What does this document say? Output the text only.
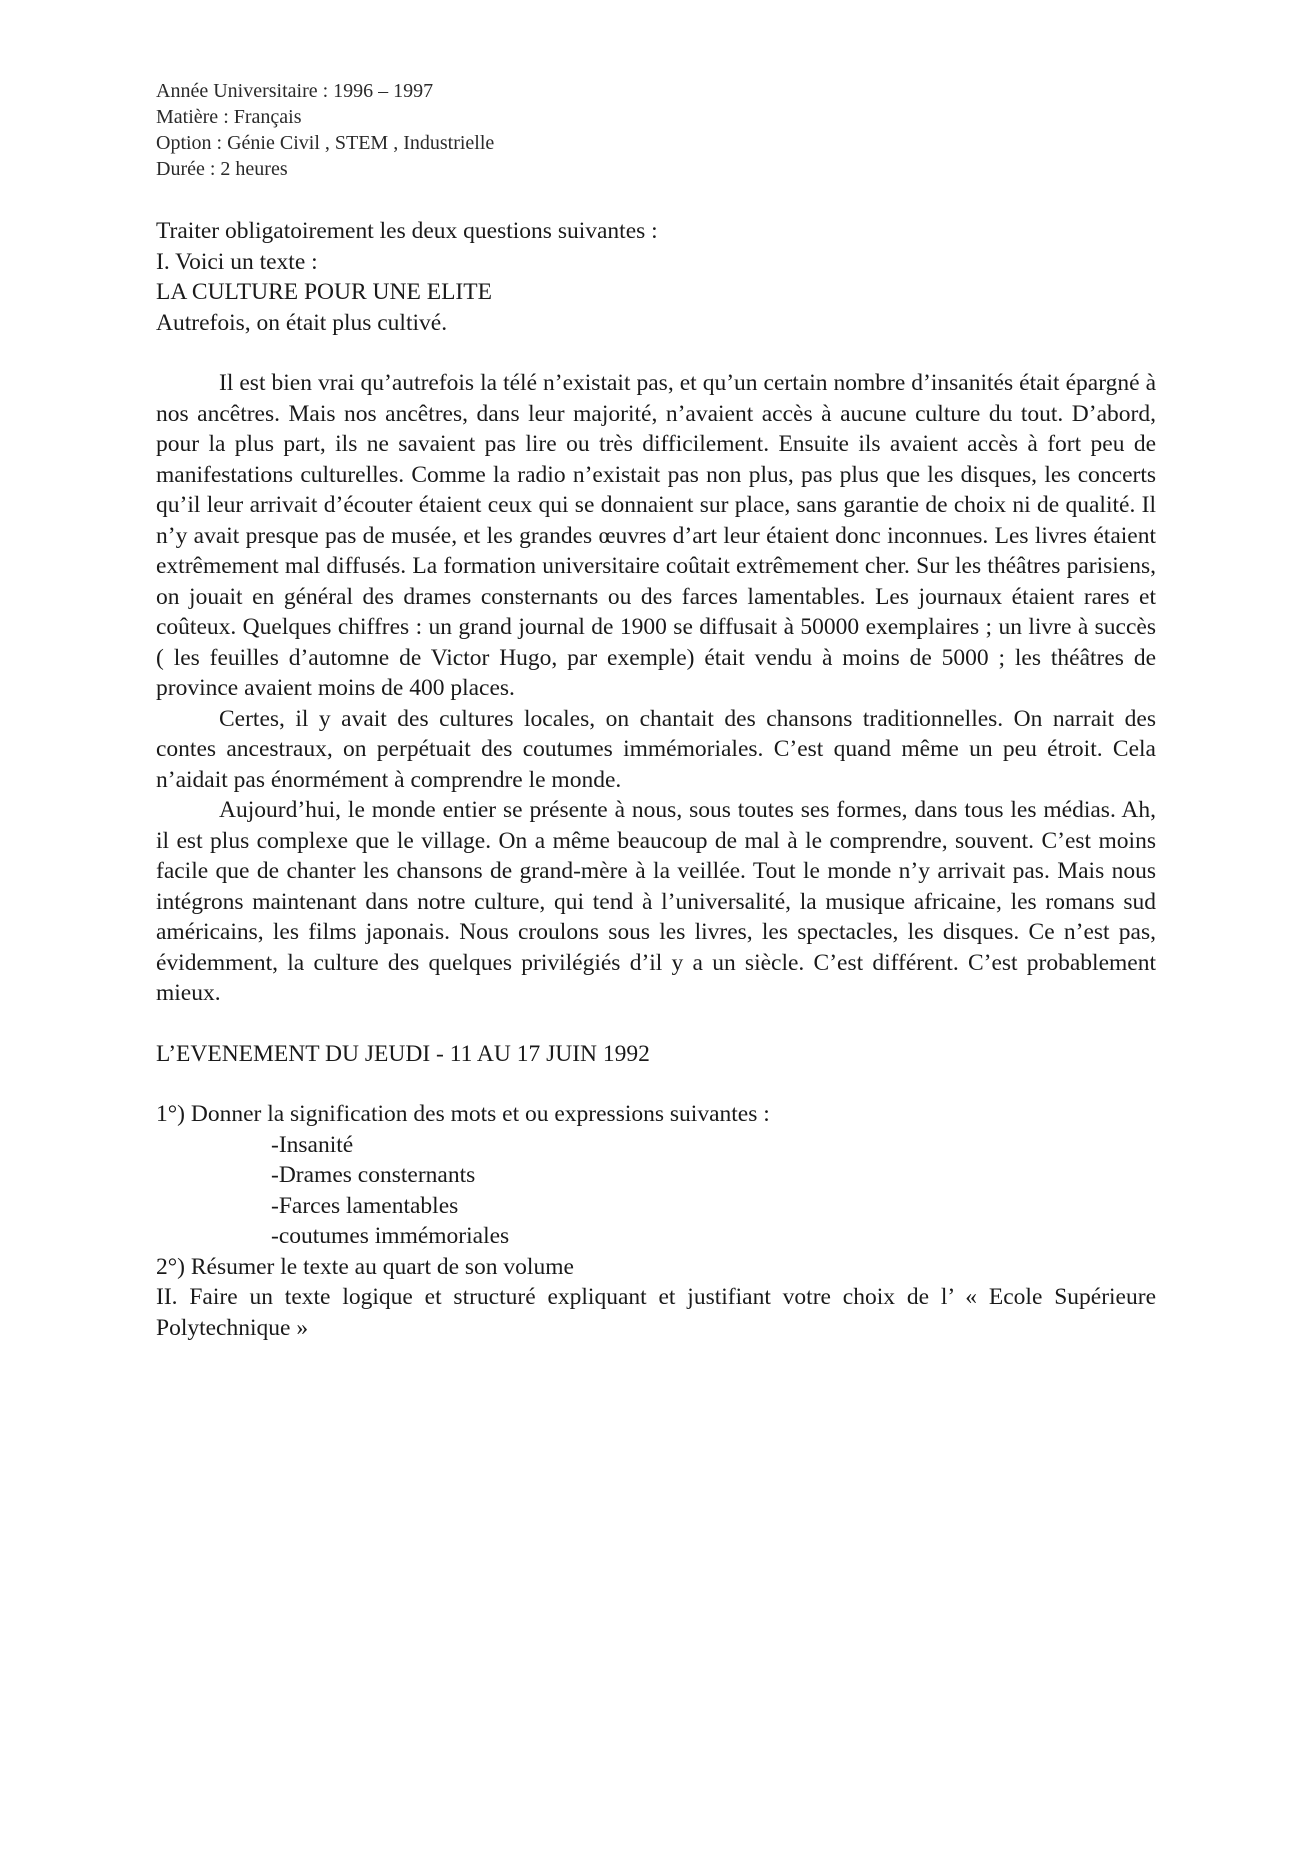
Année Universitaire : 1996 – 1997

Matière : Français

Option : Génie Civil , STEM , Industrielle

Durée : 2 heures

Traiter obligatoirement les deux questions suivantes :

I. Voici un texte :

LA CULTURE POUR UNE ELITE

Autrefois, on était plus cultivé.

Il est bien vrai qu’autrefois la télé n’existait pas, et qu’un certain nombre d’insanités était épargné à nos ancêtres. Mais nos ancêtres, dans leur majorité, n’avaient accès à aucune culture du tout. D’abord, pour la plus part, ils ne savaient pas lire ou très difficilement. Ensuite ils avaient accès à fort peu de manifestations culturelles. Comme la radio n’existait pas non plus, pas plus que les disques, les concerts qu’il leur arrivait d’écouter étaient ceux qui se donnaient sur place, sans garantie de choix ni de qualité. Il n’y avait presque pas de musée, et les grandes œuvres d’art leur étaient donc inconnues. Les livres étaient extrêmement mal diffusés. La formation universitaire coûtait extrêmement cher. Sur les théâtres parisiens, on jouait en général des drames consternants ou des farces lamentables. Les journaux étaient rares et coûteux. Quelques chiffres : un grand journal de 1900 se diffusait à 50000 exemplaires ; un livre à succès ( les feuilles d’automne de Victor Hugo, par exemple) était vendu à moins de 5000 ; les théâtres de province avaient moins de 400 places.

Certes, il y avait des cultures locales, on chantait des chansons traditionnelles. On narrait des contes ancestraux, on perpétuait des coutumes immémoriales. C’est quand même un peu étroit. Cela n’aidait pas énormément à comprendre le monde.

Aujourd’hui, le monde entier se présente à nous, sous toutes ses formes, dans tous les médias. Ah, il est plus complexe que le village. On a même beaucoup de mal à le comprendre, souvent. C’est moins facile que de chanter les chansons de grand-mère à la veillée. Tout le monde n’y arrivait pas. Mais nous intégrons maintenant dans notre culture, qui tend à l’universalité, la musique africaine, les romans sud américains, les films japonais. Nous croulons sous les livres, les spectacles, les disques. Ce n’est pas, évidemment, la culture des quelques privilégiés d’il y a un siècle. C’est différent. C’est probablement mieux.

L’EVENEMENT DU JEUDI - 11 AU 17 JUIN 1992

1°) Donner la signification des mots et ou expressions suivantes :

-Insanité

-Drames consternants

-Farces lamentables

-coutumes immémoriales

2°) Résumer le texte au quart de son volume

II. Faire un texte logique et structuré expliquant et justifiant votre choix de l’ « Ecole Supérieure Polytechnique »
